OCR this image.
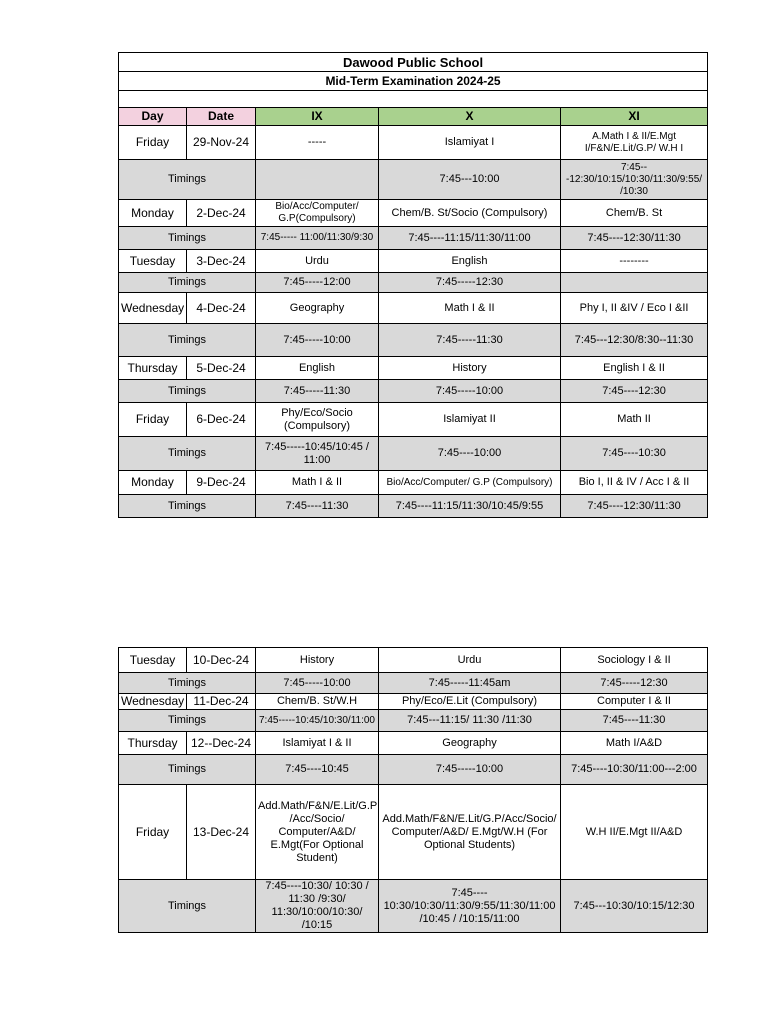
Dawood Public School				
Mid-Term Examination 2024-25				

Day	Date	IX	X	XI
Friday	29-Nov-24	-----	Islamiyat I	A.Math I & II/E.Mgt I/F&N/E.Lit/G.P/ W.H I
Timings			7:45---10:00	7:45---12:30/10:15/10:30/11:30/9:55/ /10:30
Monday	2-Dec-24	Bio/Acc/Computer/ G.P(Compulsory)	Chem/B. St/Socio (Compulsory)	Chem/B. St
Timings		7:45----- 11:00/11:30/9:30	7:45----11:15/11:30/11:00	7:45----12:30/11:30
Tuesday	3-Dec-24	Urdu	English	--------
Timings		7:45-----12:00	7:45-----12:30	
Wednesday	4-Dec-24	Geography	Math I & II	Phy I, II &IV / Eco I &II
Timings		7:45-----10:00	7:45-----11:30	7:45---12:30/8:30--11:30
Thursday	5-Dec-24	English	History	English I & II
Timings		7:45-----11:30	7:45-----10:00	7:45----12:30
Friday	6-Dec-24	Phy/Eco/Socio (Compulsory)	Islamiyat II	Math II
Timings		7:45-----10:45/10:45 / 11:00	7:45----10:00	7:45----10:30
Monday	9-Dec-24	Math I & II	Bio/Acc/Computer/ G.P (Compulsory)	Bio I, II & IV / Acc I & II
Timings		7:45----11:30	7:45----11:15/11:30/10:45/9:55	7:45----12:30/11:30
Tuesday	10-Dec-24	History	Urdu	Sociology I & II
Timings		7:45-----10:00	7:45-----11:45am	7:45-----12:30
Wednesday	11-Dec-24	Chem/B. St/W.H	Phy/Eco/E.Lit (Compulsory)	Computer I & II
Timings		7:45-----10:45/10:30/11:00	7:45---11:15/ 11:30 /11:30	7:45----11:30
Thursday	12--Dec-24	Islamiyat I & II	Geography	Math I/A&D
Timings		7:45----10:45	7:45-----10:00	7:45----10:30/11:00---2:00
Friday	13-Dec-24	Add.Math/F&N/E.Lit/G.P /Acc/Socio/ Computer/A&D/ E.Mgt(For Optional Student)	Add.Math/F&N/E.Lit/G.P/Acc/Socio/ Computer/A&D/ E.Mgt/W.H (For Optional Students)	W.H II/E.Mgt II/A&D
Timings		7:45----10:30/ 10:30 / 11:30 /9:30/ 11:30/10:00/10:30/ /10:15	7:45---- 10:30/10:30/11:30/9:55/11:30/11:00 /10:45 / /10:15/11:00	7:45---10:30/10:15/12:30
